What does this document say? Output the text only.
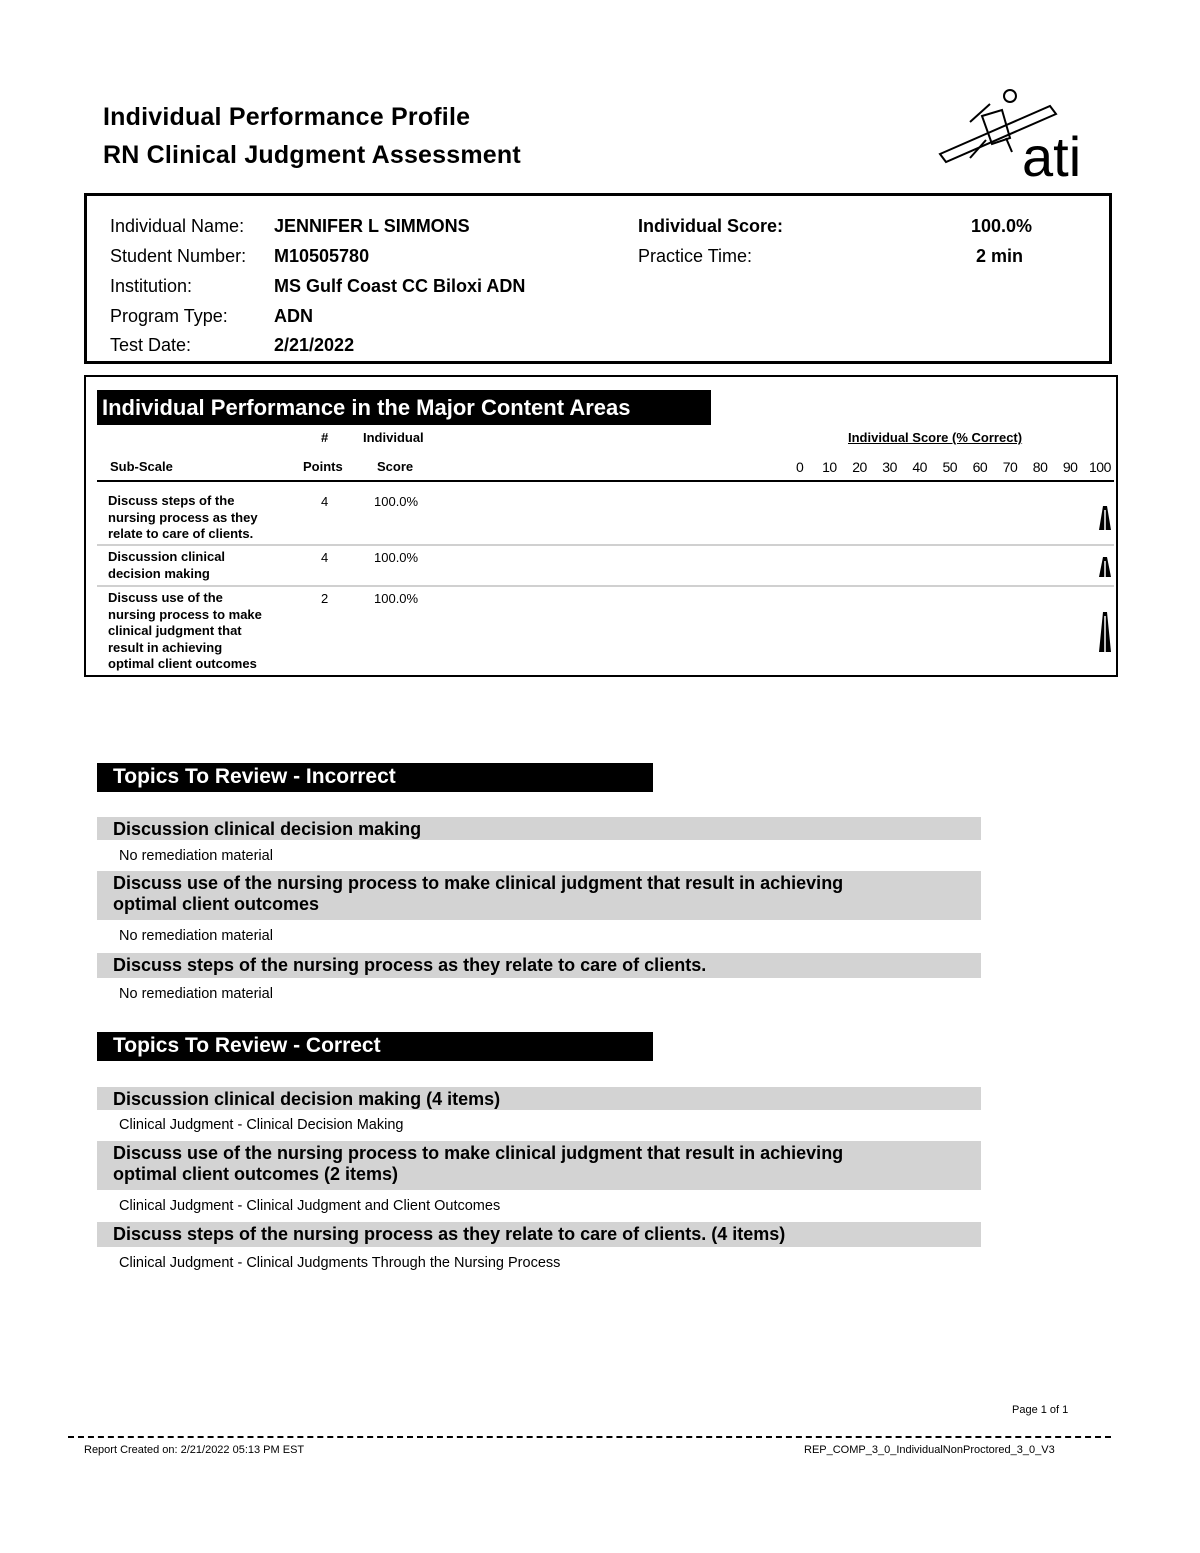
Individual Performance Profile
RN Clinical Judgment Assessment	ati
Individual Name: JENNIFER L SIMMONS
Student Number: M10505780
Institution:	MS Gulf Coast CC Biloxi ADN
Program Type:	ADN
Test Date:	2/21/2022
Individual Score:	100.0%
Practice Time:	2 min
Individual Performance in the Major Content Areas
#	Individual
Sub-Scale	Points	Score
Individual Score (% Correct)
0 10 20 30 40 50 60 70 80 90 100
Discuss steps of the
nursing process as they
relate to care of clients.
4	100.0%
Discussion clinical
decision making
4	100.0%
Discuss use of the
nursing process to make
clinical judgment that
result in achieving
optimal client outcomes
2	100.0%
Topics To Review - Incorrect
Discussion clinical decision making
No remediation material
Discuss use of the nursing process to make clinical judgment that result in achieving
optimal client outcomes
No remediation material
Discuss steps of the nursing process as they relate to care of clients.
No remediation material
Topics To Review - Correct
Discussion clinical decision making (4 items)
Clinical Judgment - Clinical Decision Making
Discuss use of the nursing process to make clinical judgment that result in achieving
optimal client outcomes (2 items)
Clinical Judgment - Clinical Judgment and Client Outcomes
Discuss steps of the nursing process as they relate to care of clients. (4 items)
Clinical Judgment - Clinical Judgments Through the Nursing Process
Page 1 of 1
Report Created on: 2/21/2022 05:13 PM EST	REP_COMP_3_0_IndividualNonProctored_3_0_V3
